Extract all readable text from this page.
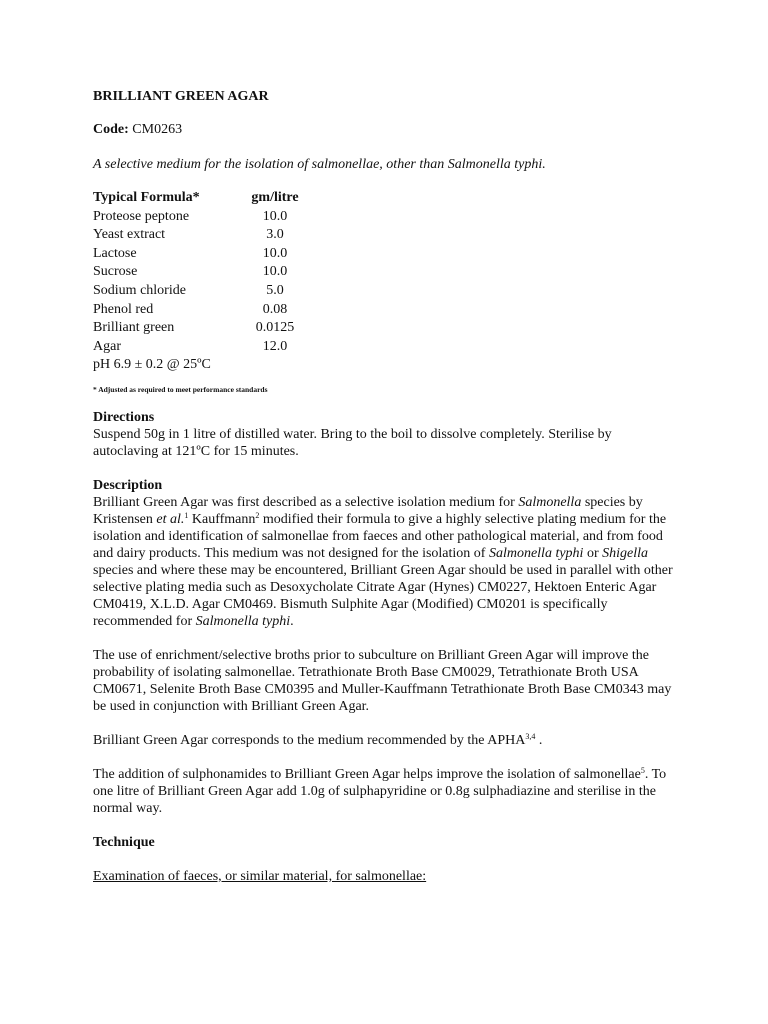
BRILLIANT GREEN AGAR
Code: CM0263
A selective medium for the isolation of salmonellae, other than Salmonella typhi.
Typical Formula*	gm/litre
Proteose peptone	10.0
Yeast extract	3.0
Lactose	10.0
Sucrose	10.0
Sodium chloride	5.0
Phenol red	0.08
Brilliant green	0.0125
Agar	12.0
pH 6.9 ± 0.2 @ 25ºC
* Adjusted as required to meet performance standards
Directions
Suspend 50g in 1 litre of distilled water. Bring to the boil to dissolve completely. Sterilise by autoclaving at 121ºC for 15 minutes.
Description

Brilliant Green Agar was first described as a selective isolation medium for Salmonella species by Kristensen et al.$^1$ Kauffmann$^2$ modified their formula to give a highly selective plating medium for the isolation and identification of salmonellae from faeces and other pathological material, and from food and dairy products. This medium was not designed for the isolation of Salmonella typhi or Shigella species and where these may be encountered, Brilliant Green Agar should be used in parallel with other selective plating media such as Desoxycholate Citrate Agar (Hynes) CM0227, Hektoen Enteric Agar CM0419, X.L.D. Agar CM0469. Bismuth Sulphite Agar (Modified) CM0201 is specifically recommended for Salmonella typhi.

The use of enrichment/selective broths prior to subculture on Brilliant Green Agar will improve the probability of isolating salmonellae. Tetrathionate Broth Base CM0029, Tetrathionate Broth USA CM0671, Selenite Broth Base CM0395 and Muller-Kauffmann Tetrathionate Broth Base CM0343 may be used in conjunction with Brilliant Green Agar.

Brilliant Green Agar corresponds to the medium recommended by the APHA$^{3,4}$ .

The addition of sulphonamides to Brilliant Green Agar helps improve the isolation of salmonellae$^5$. To one litre of Brilliant Green Agar add 1.0g of sulphapyridine or 0.8g sulphadiazine and sterilise in the normal way.

Technique
Examination of faeces, or similar material, for salmonellae:
